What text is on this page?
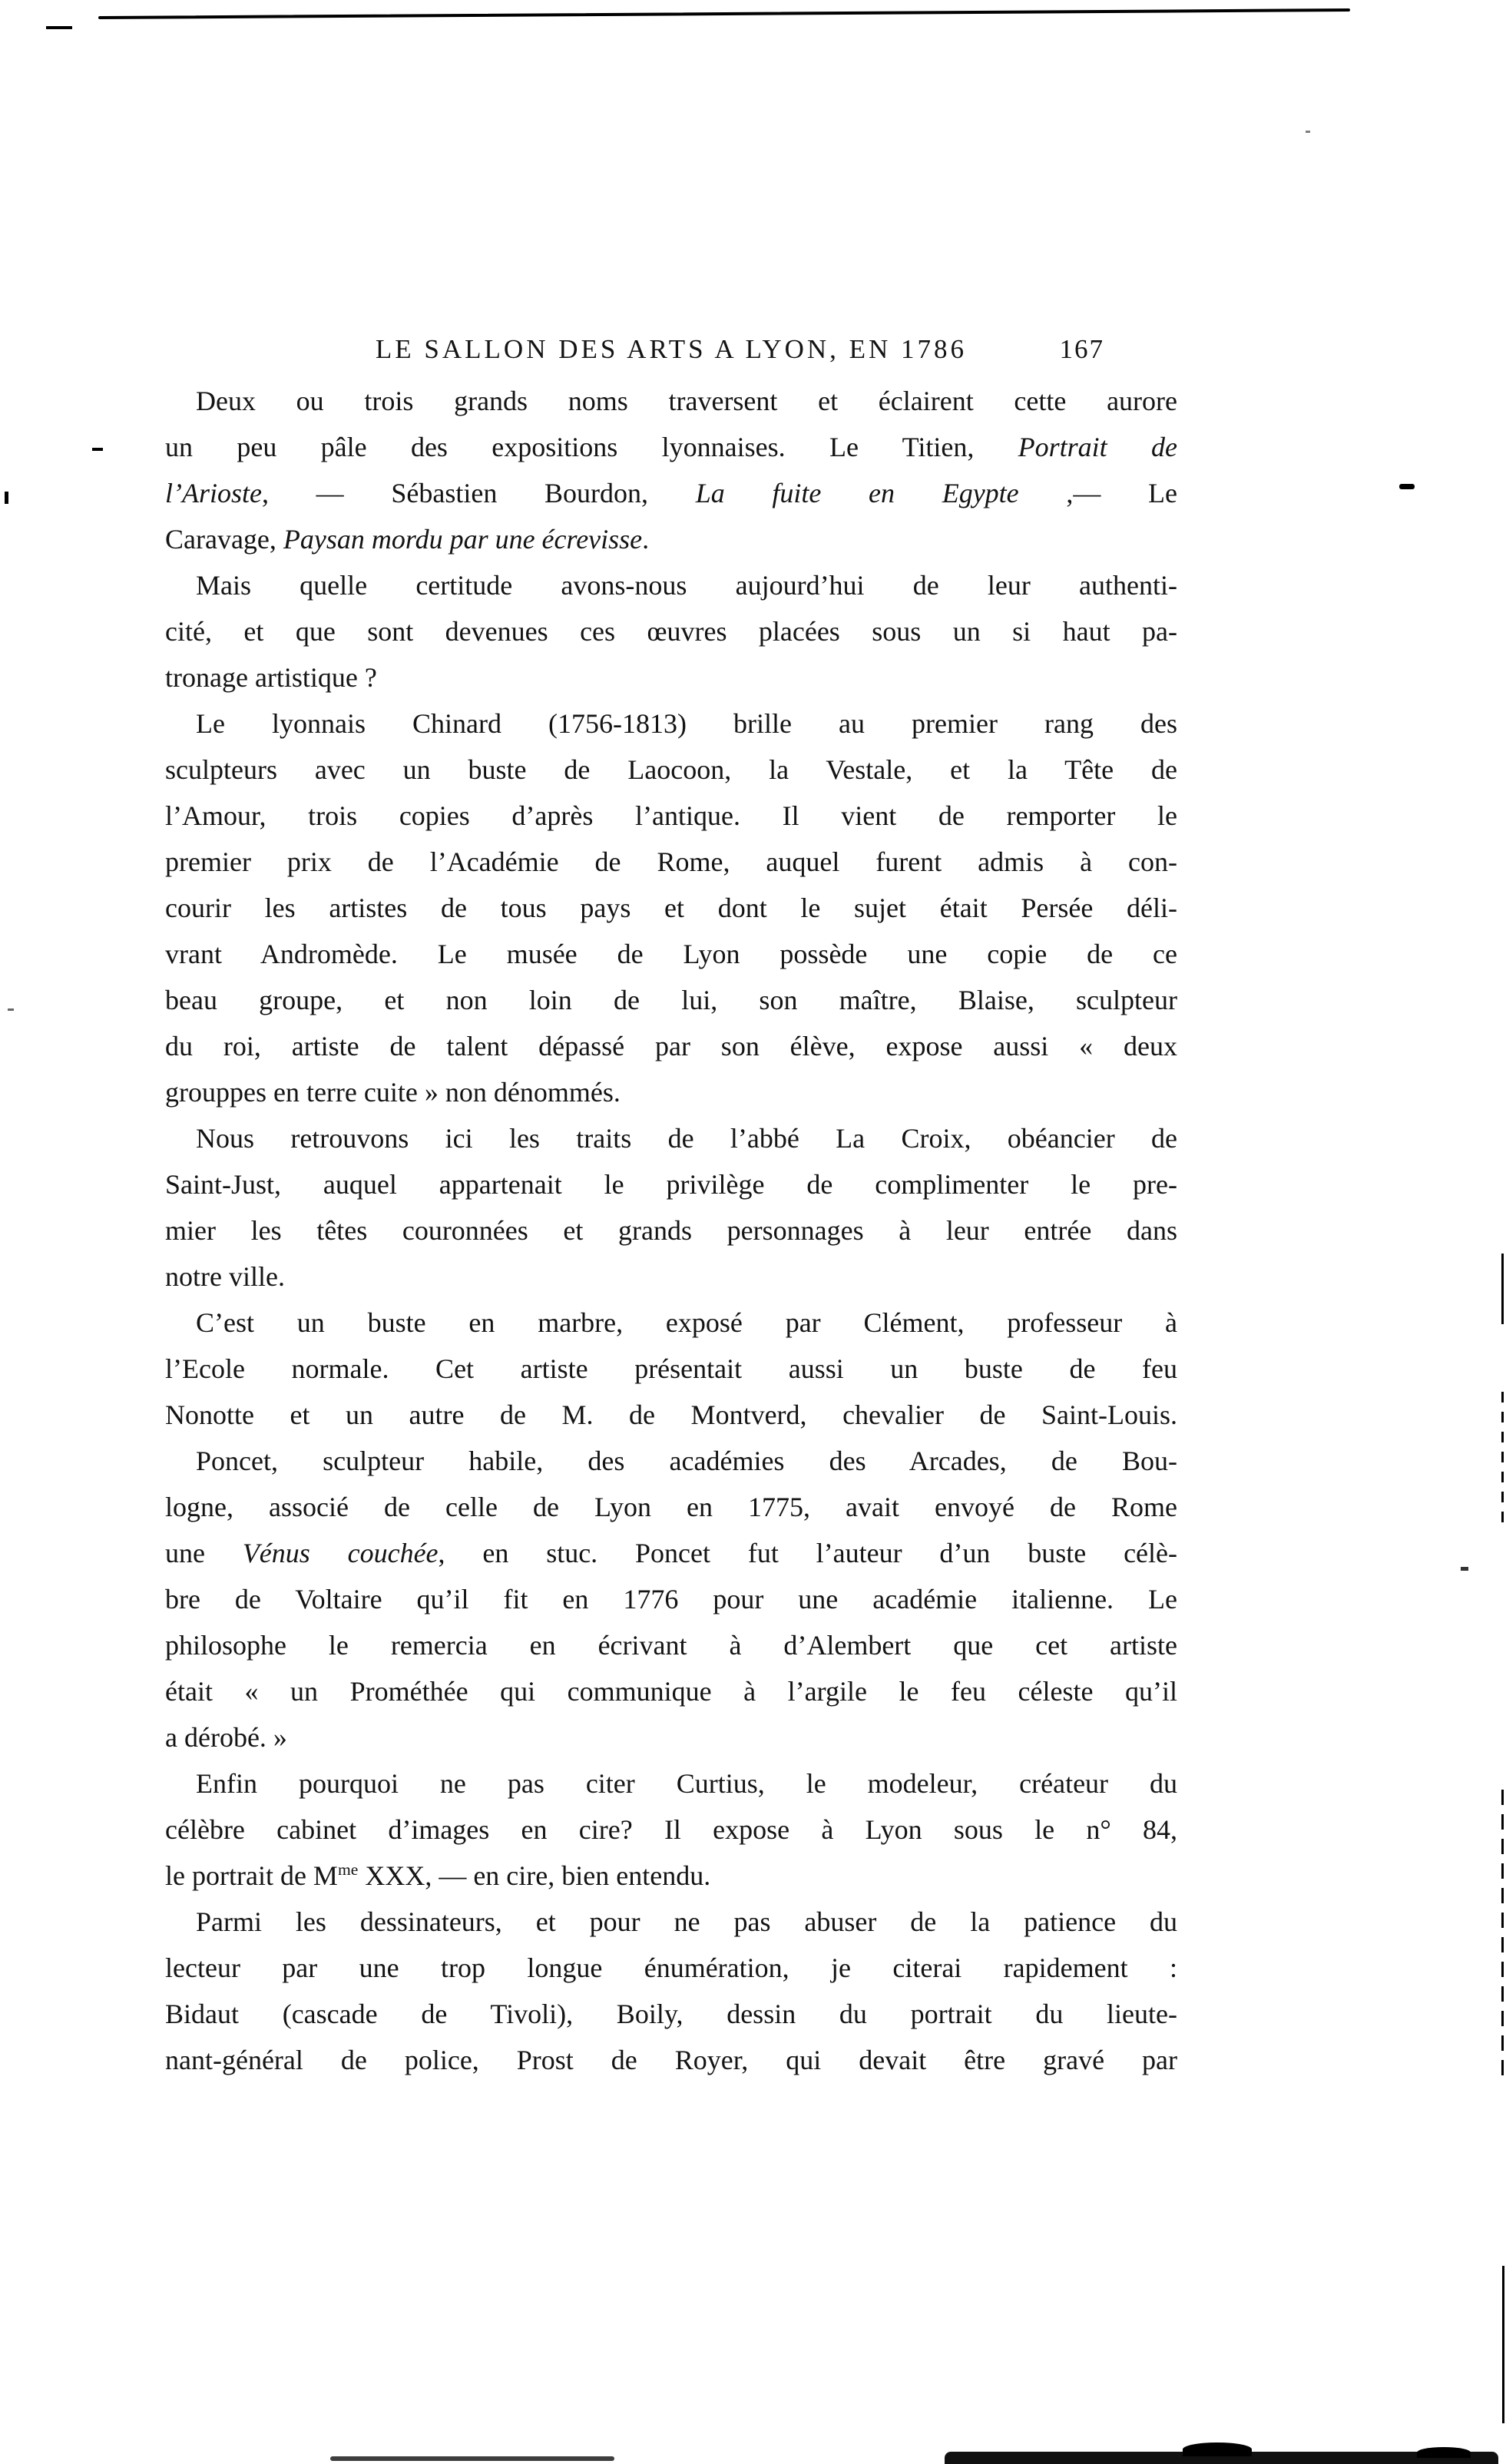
LE SALLON DES ARTS A LYON, EN 1786	167
Deux ou trois grands noms traversent et éclairent cette aurore
un peu pâle des expositions lyonnaises. Le Titien, Portrait de
l’Arioste, — Sébastien Bourdon, La fuite en Egypte ,— Le
Caravage, Paysan mordu par une écrevisse.
Mais quelle certitude avons-nous aujourd’hui de leur authenti-
cité, et que sont devenues ces œuvres placées sous un si haut pa-
tronage artistique ?
Le lyonnais Chinard (1756-1813) brille au premier rang des
sculpteurs avec un buste de Laocoon, la Vestale, et la Tête de
l’Amour, trois copies d’après l’antique. Il vient de remporter le
premier prix de l’Académie de Rome, auquel furent admis à con-
courir les artistes de tous pays et dont le sujet était Persée déli-
vrant Andromède. Le musée de Lyon possède une copie de ce
beau groupe, et non loin de lui, son maître, Blaise, sculpteur
du roi, artiste de talent dépassé par son élève, expose aussi « deux
grouppes en terre cuite » non dénommés.
Nous retrouvons ici les traits de l’abbé La Croix, obéancier de
Saint-Just, auquel appartenait le privilège de complimenter le pre-
mier les têtes couronnées et grands personnages à leur entrée dans
notre ville.
C’est un buste en marbre, exposé par Clément, professeur à
l’Ecole normale. Cet artiste présentait aussi un buste de feu
Nonotte et un autre de M. de Montverd, chevalier de Saint-Louis.
Poncet, sculpteur habile, des académies des Arcades, de Bou-
logne, associé de celle de Lyon en 1775, avait envoyé de Rome
une Vénus couchée, en stuc. Poncet fut l’auteur d’un buste célè-
bre de Voltaire qu’il fit en 1776 pour une académie italienne. Le
philosophe le remercia en écrivant à d’Alembert que cet artiste
était « un Prométhée qui communique à l’argile le feu céleste qu’il
a dérobé. »
Enfin pourquoi ne pas citer Curtius, le modeleur, créateur du
célèbre cabinet d’images en cire? Il expose à Lyon sous le n° 84,
le portrait de $M^{me}$ XXX, — en cire, bien entendu.
Parmi les dessinateurs, et pour ne pas abuser de la patience du
lecteur par une trop longue énumération, je citerai rapidement :
Bidaut (cascade de Tivoli), Boily, dessin du portrait du lieute-
nant-général de police, Prost de Royer, qui devait être gravé par
